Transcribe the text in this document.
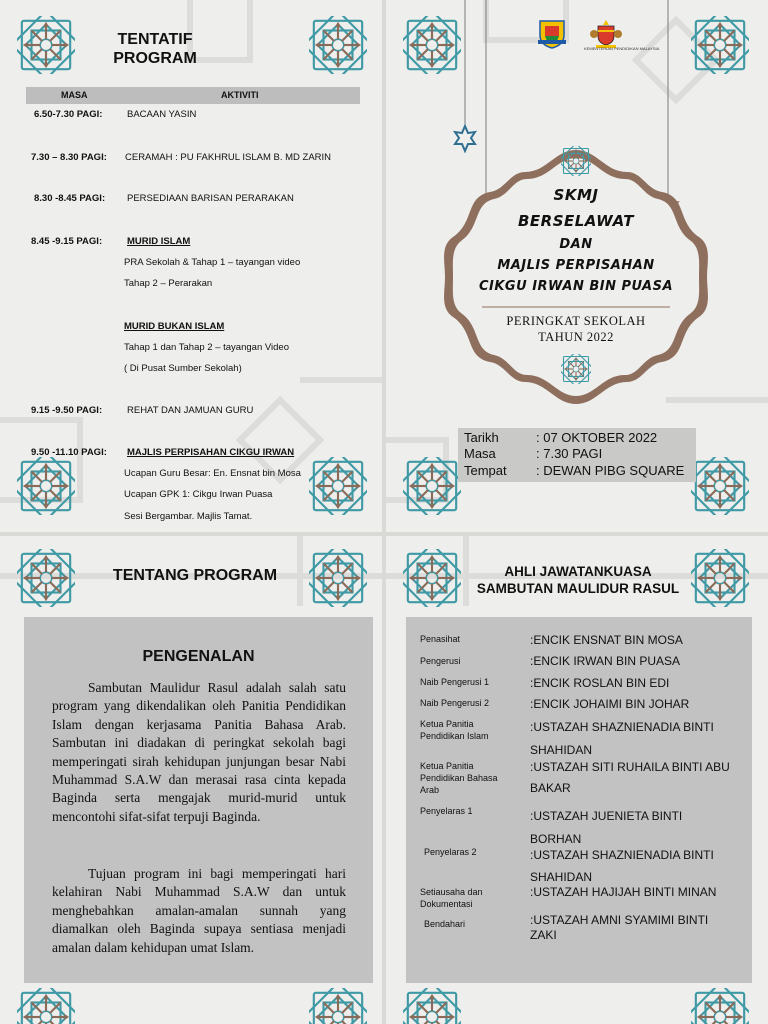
TENTATIF
PROGRAM
MASA	AKTIVITI
6.50-7.30 PAGI:	BACAAN YASIN
7.30 – 8.30 PAGI: CERAMAH : PU FAKHRUL ISLAM B. MD ZARIN
8.30 -8.45 PAGI: PERSEDIAAN BARISAN PERARAKAN
8.45 -9.15 PAGI:	MURID ISLAM
PRA Sekolah & Tahap 1 – tayangan video
Tahap 2 – Perarakan
MURID BUKAN ISLAM
Tahap 1 dan Tahap 2 – tayangan Video
( Di Pusat Sumber Sekolah)
9.15 -9.50 PAGI:	REHAT DAN JAMUAN GURU
9.50 -11.10 PAGI: MAJLIS PERPISAHAN CIKGU IRWAN
Ucapan Guru Besar: En. Ensnat bin Mosa
Ucapan GPK 1: Cikgu Irwan Puasa
Sesi Bergambar. Majlis Tamat.
KEMENTERIAN PENDIDIKAN MALAYSIA
SKMJ
BERSELAWAT
DAN
MAJLIS PERPISAHAN
CIKGU IRWAN BIN PUASA
PERINGKAT SEKOLAH
TAHUN 2022
Tarikh	: 07 OKTOBER 2022
Masa	: 7.30 PAGI
Tempat : DEWAN PIBG SQUARE
TENTANG PROGRAM
PENGENALAN
Sambutan Maulidur Rasul adalah salah satu program yang dikendalikan oleh Panitia Pendidikan Islam dengan kerjasama Panitia Bahasa Arab. Sambutan ini diadakan di peringkat sekolah bagi memperingati sirah kehidupan junjungan besar Nabi Muhammad S.A.W dan merasai rasa cinta kepada Baginda serta mengajak murid-murid untuk mencontohi sifat-sifat terpuji Baginda.
Tujuan program ini bagi memperingati hari kelahiran Nabi Muhammad S.A.W dan untuk menghebahkan amalan-amalan sunnah yang diamalkan oleh Baginda supaya sentiasa menjadi amalan dalam kehidupan umat Islam.
AHLI JAWATANKUASA
SAMBUTAN MAULIDUR RASUL
Penasihat	:ENCIK ENSNAT BIN MOSA
Pengerusi	:ENCIK IRWAN BIN PUASA
Naib Pengerusi 1	:ENCIK ROSLAN BIN EDI
Naib Pengerusi 2	:ENCIK JOHAIMI BIN JOHAR
Ketua Panitia Pendidikan Islam
:USTAZAH SHAZNIENADIA BINTI SHAHIDAN
Ketua Panitia Pendidikan Bahasa Arab
:USTAZAH SITI RUHAILA BINTI ABU BAKAR
Penyelaras 1	:USTAZAH JUENIETA BINTI BORHAN
Penyelaras 2	:USTAZAH SHAZNIENADIA BINTI SHAHIDAN
Setiausaha dan Dokumentasi
:USTAZAH HAJIJAH BINTI MINAN
Bendahari	:USTAZAH AMNI SYAMIMI BINTI ZAKI
